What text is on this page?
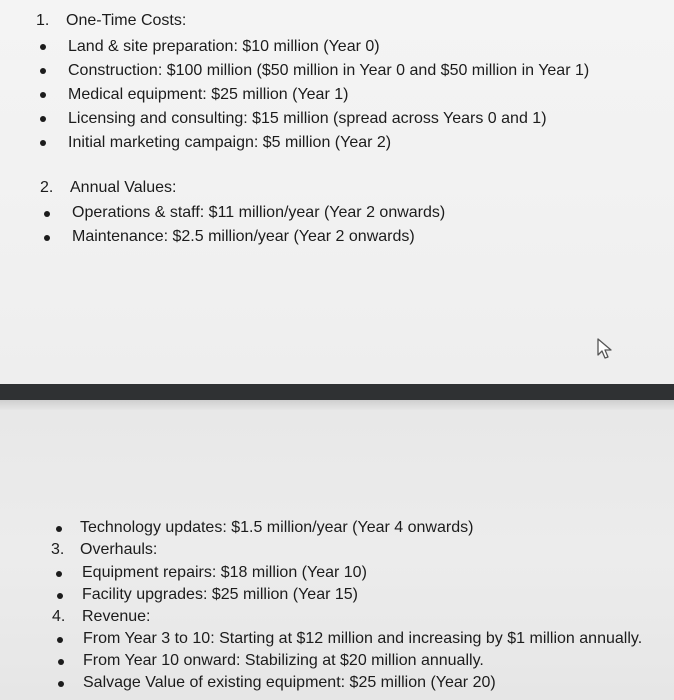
1. One-Time Costs:
Land & site preparation: $10 million (Year 0)
Construction: $100 million ($50 million in Year 0 and $50 million in Year 1)
Medical equipment: $25 million (Year 1)
Licensing and consulting: $15 million (spread across Years 0 and 1)
Initial marketing campaign: $5 million (Year 2)
2. Annual Values:
Operations & staff: $11 million/year (Year 2 onwards)
Maintenance: $2.5 million/year (Year 2 onwards)
Technology updates: $1.5 million/year (Year 4 onwards)
3. Overhauls:
Equipment repairs: $18 million (Year 10)
Facility upgrades: $25 million (Year 15)
4. Revenue:
From Year 3 to 10: Starting at $12 million and increasing by $1 million annually.
From Year 10 onward: Stabilizing at $20 million annually.
Salvage Value of existing equipment: $25 million (Year 20)
